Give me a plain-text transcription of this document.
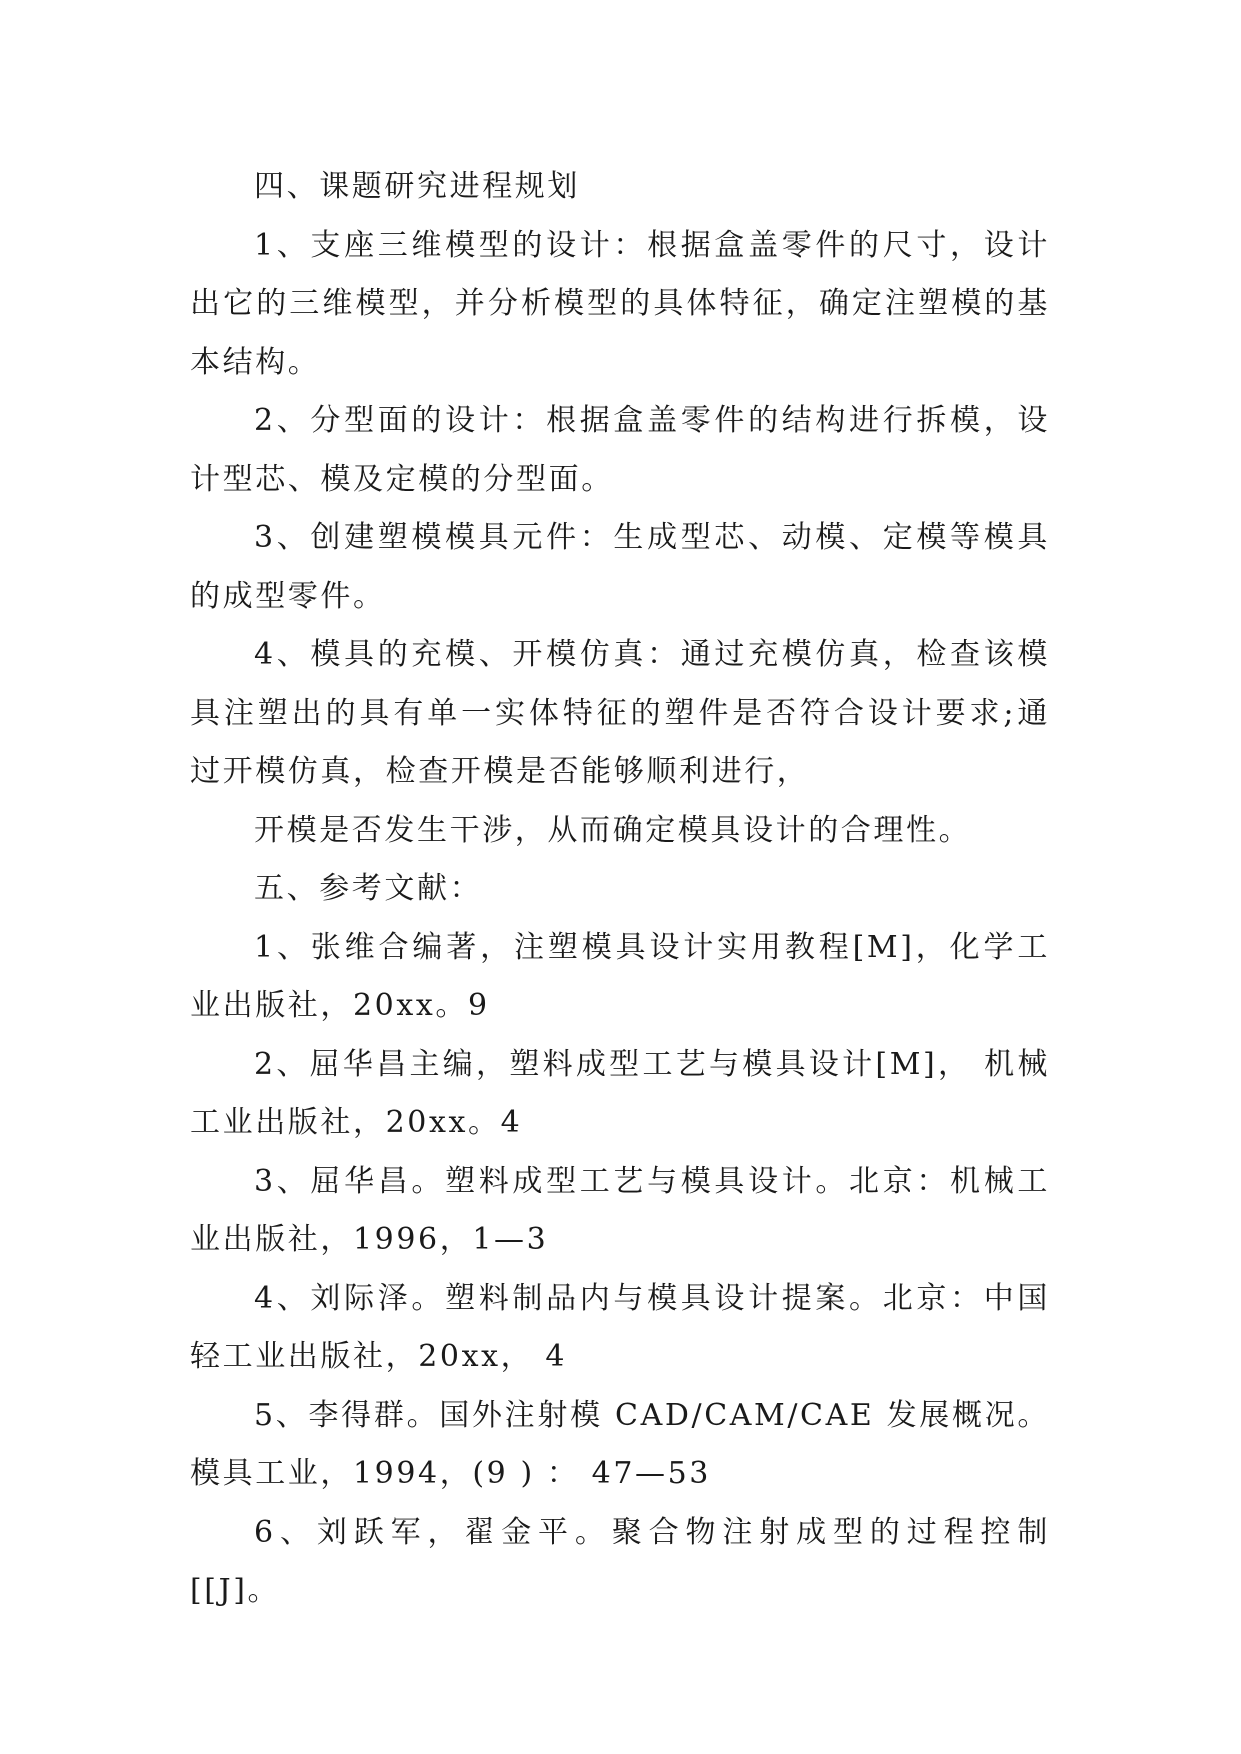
四、课题研究进程规划

1、支座三维模型的设计：根据盒盖零件的尺寸，设计出它的三维模型，并分析模型的具体特征，确定注塑模的基本结构。

2、分型面的设计：根据盒盖零件的结构进行拆模，设计型芯、模及定模的分型面。

3、创建塑模模具元件：生成型芯、动模、定模等模具的成型零件。

4、模具的充模、开模仿真：通过充模仿真，检查该模具注塑出的具有单一实体特征的塑件是否符合设计要求;通过开模仿真，检查开模是否能够顺利进行，

开模是否发生干涉，从而确定模具设计的合理性。

五、参考文献：

1、张维合编著，注塑模具设计实用教程[M]，化学工业出版社，20xx。9

2、屈华昌主编，塑料成型工艺与模具设计[M]， 机械工业出版社，20xx。4

3、屈华昌。塑料成型工艺与模具设计。北京：机械工业出版社，1996，1—3

4、刘际泽。塑料制品内与模具设计提案。北京：中国轻工业出版社，20xx， 4

5、李得群。国外注射模 CAD/CAM/CAE 发展概况。模具工业，1994，(9 ) ： 47—53

6、刘跃军，翟金平。聚合物注射成型的过程控制[[J]。
